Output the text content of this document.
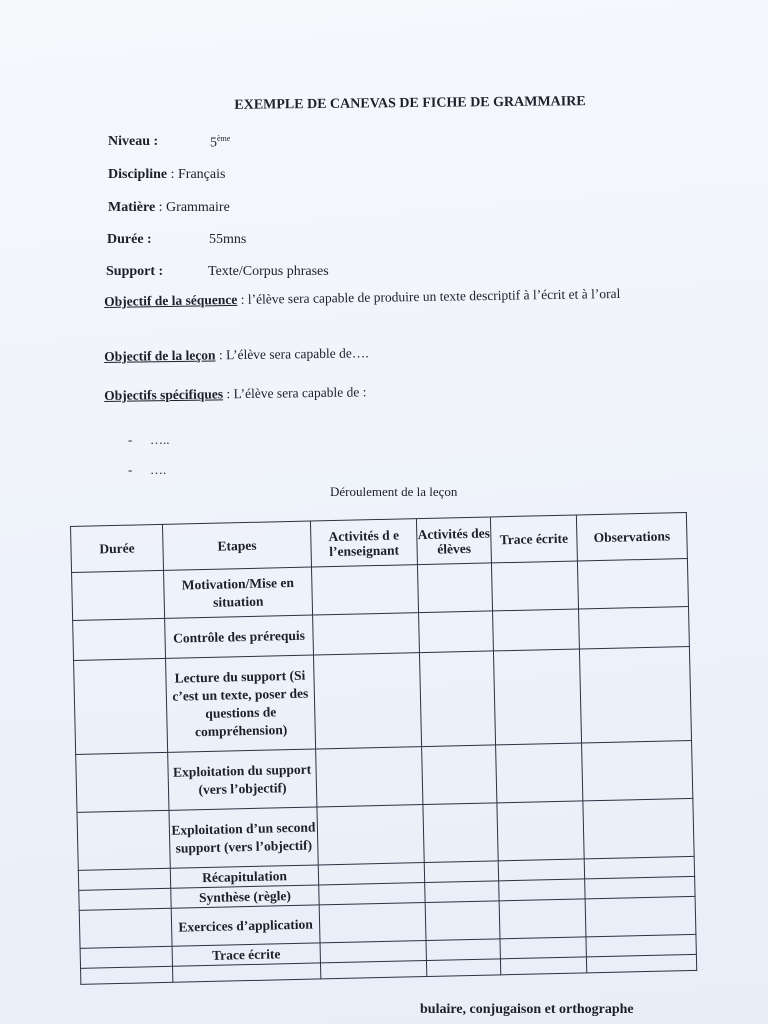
EXEMPLE DE CANEVAS DE FICHE DE GRAMMAIRE
Niveau :	5ème
Discipline : Français
Matière : Grammaire
Durée :	55mns
Support :	Texte/Corpus phrases
Objectif de la séquence : l’élève sera capable de produire un texte descriptif à l’écrit et à l’oral
Objectif de la leçon : L’élève sera capable de….
Objectifs spécifiques : L’élève sera capable de :
- …..
- ….
Déroulement de la leçon
Durée	Etapes	Activités d e l’enseignant	Activités des élèves	Trace écrite	Observations
	Motivation/Mise en situation				
	Contrôle des prérequis				
	Lecture du support (Si c’est un texte, poser des questions de compréhension)				
	Exploitation du support (vers l’objectif)				
	Exploitation d’un second support (vers l’objectif)				
	Récapitulation				
	Synthèse (règle)				
	Exercices d’application				
	Trace écrite				

bulaire, conjugaison et orthographe
